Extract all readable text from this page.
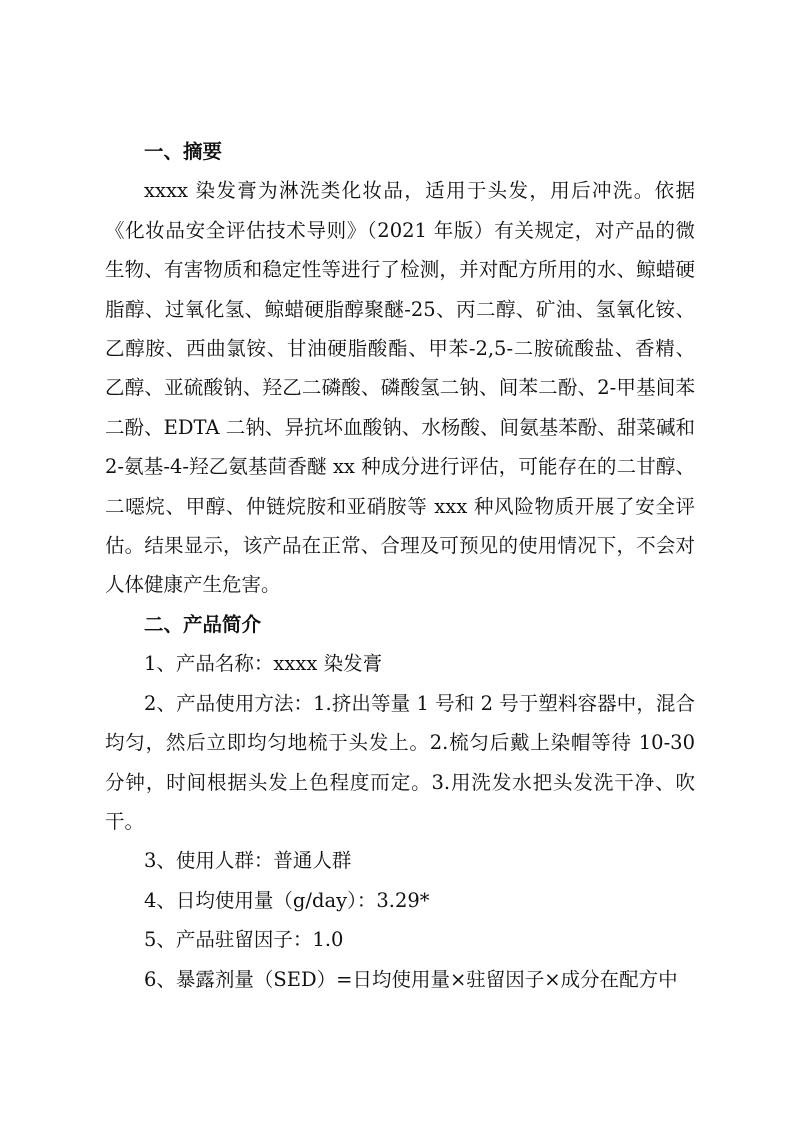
一、摘要

xxxx 染发膏为淋洗类化妆品，适用于头发，用后冲洗。依据《化妆品安全评估技术导则》（2021 年版）有关规定，对产品的微生物、有害物质和稳定性等进行了检测，并对配方所用的水、鲸蜡硬脂醇、过氧化氢、鲸蜡硬脂醇聚醚-25、丙二醇、矿油、氢氧化铵、乙醇胺、西曲氯铵、甘油硬脂酸酯、甲苯-2,5-二胺硫酸盐、香精、乙醇、亚硫酸钠、羟乙二磷酸、磷酸氢二钠、间苯二酚、2-甲基间苯二酚、EDTA 二钠、异抗坏血酸钠、水杨酸、间氨基苯酚、甜菜碱和 2-氨基-4-羟乙氨基茴香醚 xx 种成分进行评估，可能存在的二甘醇、二噁烷、甲醇、仲链烷胺和亚硝胺等 xxx 种风险物质开展了安全评估。结果显示，该产品在正常、合理及可预见的使用情况下，不会对人体健康产生危害。

二、产品简介

1、产品名称：xxxx 染发膏

2、产品使用方法：1.挤出等量 1 号和 2 号于塑料容器中，混合均匀，然后立即均匀地梳于头发上。2.梳匀后戴上染帽等待 10-30 分钟，时间根据头发上色程度而定。3.用洗发水把头发洗干净、吹干。

3、使用人群：普通人群

4、日均使用量（g/day）：3.29*

5、产品驻留因子：1.0

6、暴露剂量（SED）=日均使用量×驻留因子×成分在配方中
